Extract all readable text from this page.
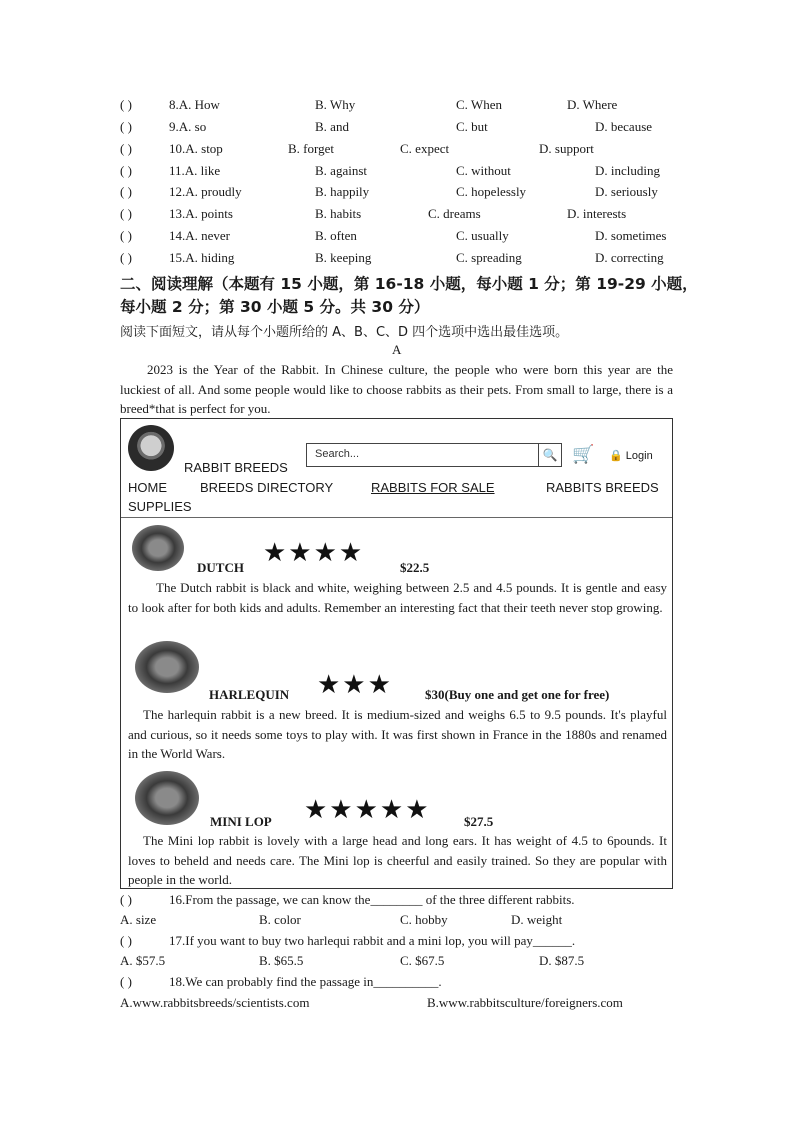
( )	8.A. How	B. Why	C. When	D. Where
( )	9.A. so	B. and	C. but	D. because
( )	10.A. stop	B. forget	C. expect	D. support
( )	11.A. like	B. against	C. without	D. including
( )	12.A. proudly	B. happily	C. hopelessly	D. seriously
( )	13.A. points	B. habits	C. dreams	D. interests
( )	14.A. never	B. often	C. usually	D. sometimes
( )	15.A. hiding	B. keeping	C. spreading	D. correcting
二、阅读理解（本题有 15 小题，第 16-18 小题，每小题 1 分；第 19-29 小题，
每小题 2 分；第 30 小题 5 分。共 30 分）
阅读下面短文，请从每个小题所给的 A、B、C、D 四个选项中选出最佳选项。
A
2023 is the Year of the Rabbit. In Chinese culture, the people who were born this year are the luckiest of all. And some people would like to choose rabbits as their pets. From small to large, there is a breed*that is perfect for you.
Search...	🔍 🛒 🔒 Login
RABBIT BREEDS
HOME	BREEDS DIRECTORY	RABBITS FOR SALE	RABBITS BREEDS
SUPPLIES
DUTCH
★★★★
$22.5
The Dutch rabbit is black and white, weighing between 2.5 and 4.5 pounds. It is gentle and easy to look after for both kids and adults. Remember an interesting fact that their teeth never stop growing.
HARLEQUIN ★★★ $30(Buy one and get one for free)
The harlequin rabbit is a new breed. It is medium-sized and weighs 6.5 to 9.5 pounds. It's playful and curious, so it needs some toys to play with. It was first shown in France in the 1880s and renamed in the World Wars.
MINI LOP ★★★★★	$27.5
The Mini lop rabbit is lovely with a large head and long ears. It has weight of 4.5 to 6pounds. It loves to beheld and needs care. The Mini lop is cheerful and easily trained. So they are popular with people in the world.
( )	16.From the passage, we can know the________ of the three different rabbits.
A. size	B. color	C. hobby	D. weight
( )	17.If you want to buy two harlequi rabbit and a mini lop, you will pay______.
A. $57.5	B. $65.5	C. $67.5	D. $87.5
( )	18.We can probably find the passage in__________.
A.www.rabbitsbreeds/scientists.com	B.www.rabbitsculture/foreigners.com
